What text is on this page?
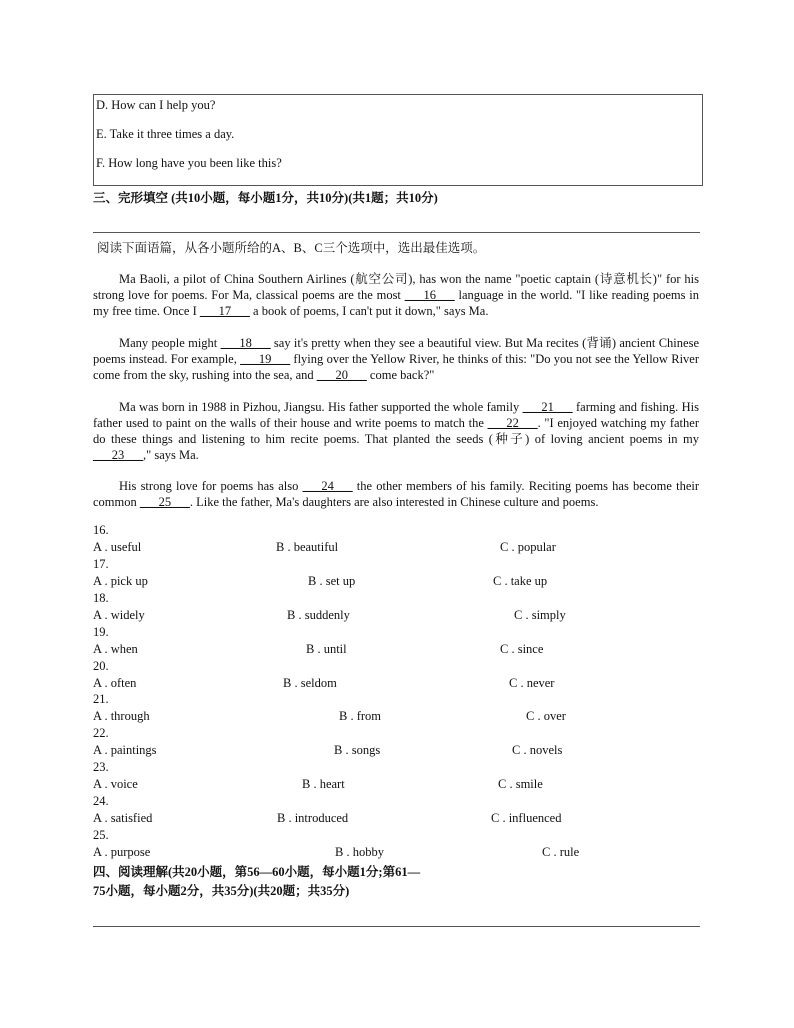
D. How can I help you?
E. Take it three times a day.
F. How long have you been like this?
三、完形填空 (共10小题，每小题1分，共10分)(共1题；共10分)
阅读下面语篇，从各小题所给的A、B、C三个选项中，选出最佳选项。

Ma Baoli, a pilot of China Southern Airlines (航空公司), has won the name "poetic captain (诗意机长)" for his strong love for poems. For Ma, classical poems are the most ___16___ language in the world. "I like reading poems in my free time. Once I ___17___ a book of poems, I can't put it down," says Ma.

Many people might ___18___ say it's pretty when they see a beautiful view. But Ma recites (背诵) ancient Chinese poems instead. For example, ___19___ flying over the Yellow River, he thinks of this: "Do you not see the Yellow River come from the sky, rushing into the sea, and ___20___ come back?"

Ma was born in 1988 in Pizhou, Jiangsu. His father supported the whole family ___21___ farming and fishing. His father used to paint on the walls of their house and write poems to match the ___22___. "I enjoyed watching my father do these things and listening to him recite poems. That planted the seeds (种子) of loving ancient poems in my ___23___," says Ma.

His strong love for poems has also ___24___ the other members of his family. Reciting poems has become their common ___25___. Like the father, Ma's daughters are also interested in Chinese culture and poems.

16.
A . useful	B . beautiful	C . popular
17.
A . pick up	B . set up	C . take up
18.
A . widely	B . suddenly	C . simply
19.
A . when	B . until	C . since
20.
A . often	B . seldom	C . never
21.
A . through	B . from	C . over
22.
A . paintings	B . songs	C . novels
23.
A . voice	B . heart	C . smile
24.
A . satisfied	B . introduced	C . influenced
25.
A . purpose	B . hobby	C . rule
四、阅读理解(共20小题，第56—60小题，每小题1分;第61—
75小题，每小题2分，共35分)(共20题；共35分)
